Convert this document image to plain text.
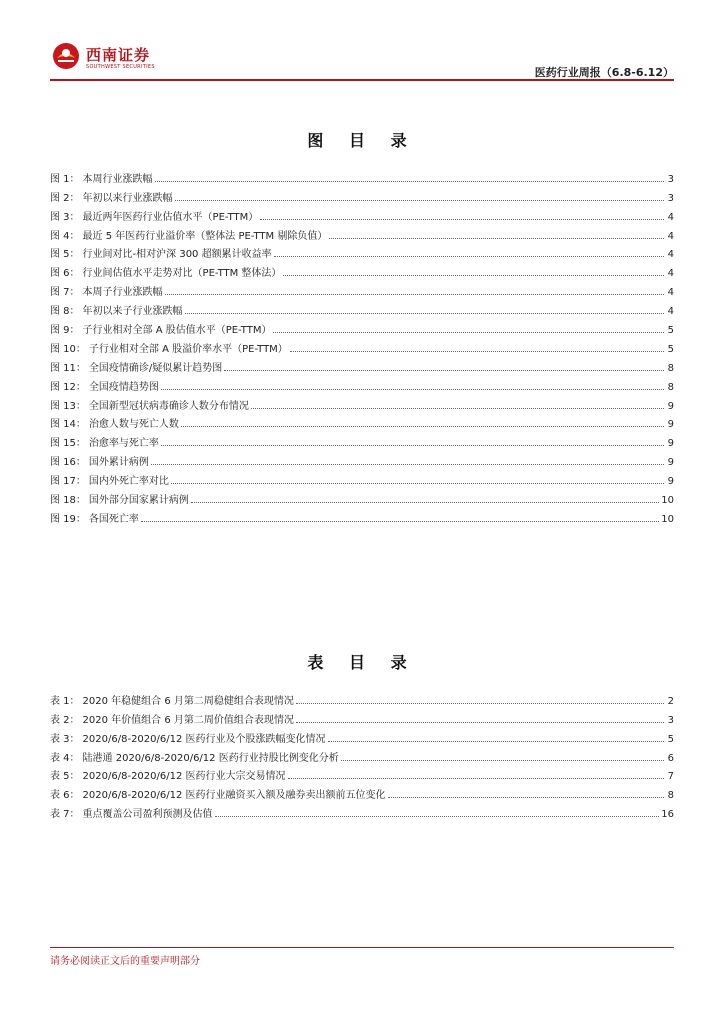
西南证券
SOUTHWEST SECURITIES	医药行业周报（6.8-6.12）
图 目 录
图 1： 本周行业涨跌幅	3
图 2： 年初以来行业涨跌幅	3
图 3： 最近两年医药行业估值水平（PE-TTM）	4
图 4： 最近 5 年医药行业溢价率（整体法 PE-TTM 剔除负值）	4
图 5： 行业间对比-相对沪深 300 超额累计收益率	4
图 6： 行业间估值水平走势对比（PE-TTM 整体法）	4
图 7： 本周子行业涨跌幅	4
图 8： 年初以来子行业涨跌幅	4
图 9： 子行业相对全部 A 股估值水平（PE-TTM）	5
图 10： 子行业相对全部 A 股溢价率水平（PE-TTM）	5
图 11： 全国疫情确诊/疑似累计趋势图	8
图 12： 全国疫情趋势图	8
图 13： 全国新型冠状病毒确诊人数分布情况	9
图 14： 治愈人数与死亡人数	9
图 15： 治愈率与死亡率	9
图 16： 国外累计病例	9
图 17： 国内外死亡率对比	9
图 18： 国外部分国家累计病例	10
图 19： 各国死亡率	10
表 目 录
表 1： 2020 年稳健组合 6 月第二周稳健组合表现情况	2
表 2： 2020 年价值组合 6 月第二周价值组合表现情况	3
表 3： 2020/6/8-2020/6/12 医药行业及个股涨跌幅变化情况	5
表 4： 陆港通 2020/6/8-2020/6/12 医药行业持股比例变化分析	6
表 5： 2020/6/8-2020/6/12 医药行业大宗交易情况	7
表 6： 2020/6/8-2020/6/12 医药行业融资买入额及融券卖出额前五位变化	8
表 7： 重点覆盖公司盈利预测及估值	16
请务必阅读正文后的重要声明部分
